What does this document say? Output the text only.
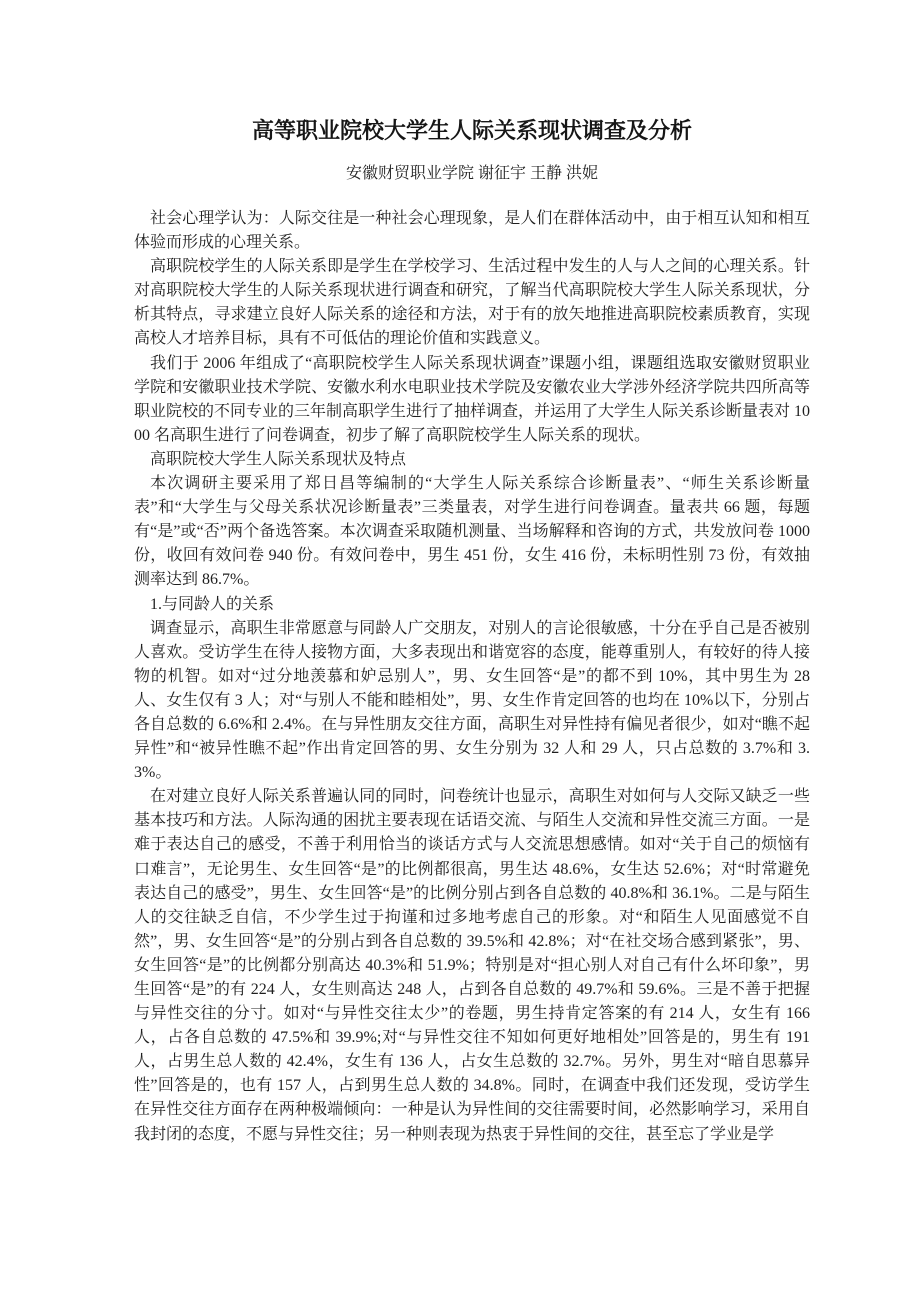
高等职业院校大学生人际关系现状调查及分析
安徽财贸职业学院 谢征宇 王静 洪妮

社会心理学认为：人际交往是一种社会心理现象，是人们在群体活动中，由于相互认知和相互体验而形成的心理关系。

高职院校学生的人际关系即是学生在学校学习、生活过程中发生的人与人之间的心理关系。针对高职院校大学生的人际关系现状进行调查和研究，了解当代高职院校大学生人际关系现状，分析其特点，寻求建立良好人际关系的途径和方法，对于有的放矢地推进高职院校素质教育，实现高校人才培养目标，具有不可低估的理论价值和实践意义。

我们于 2006 年组成了“高职院校学生人际关系现状调查”课题小组，课题组选取安徽财贸职业学院和安徽职业技术学院、安徽水利水电职业技术学院及安徽农业大学涉外经济学院共四所高等职业院校的不同专业的三年制高职学生进行了抽样调查，并运用了大学生人际关系诊断量表对 1000 名高职生进行了问卷调查，初步了解了高职院校学生人际关系的现状。

高职院校大学生人际关系现状及特点

本次调研主要采用了郑日昌等编制的“大学生人际关系综合诊断量表”、“师生关系诊断量表”和“大学生与父母关系状况诊断量表”三类量表，对学生进行问卷调查。量表共 66 题，每题有“是”或“否”两个备选答案。本次调查采取随机测量、当场解释和咨询的方式，共发放问卷 1000 份，收回有效问卷 940 份。有效问卷中，男生 451 份，女生 416 份，未标明性别 73 份，有效抽测率达到 86.7%。

1.与同龄人的关系

调查显示，高职生非常愿意与同龄人广交朋友，对别人的言论很敏感，十分在乎自己是否被别人喜欢。受访学生在待人接物方面，大多表现出和谐宽容的态度，能尊重别人，有较好的待人接物的机智。如对“过分地羡慕和妒忌别人”，男、女生回答“是”的都不到 10%，其中男生为 28 人、女生仅有 3 人；对“与别人不能和睦相处”，男、女生作肯定回答的也均在 10%以下，分别占各自总数的 6.6%和 2.4%。在与异性朋友交往方面，高职生对异性持有偏见者很少，如对“瞧不起异性”和“被异性瞧不起”作出肯定回答的男、女生分别为 32 人和 29 人，只占总数的 3.7%和 3.3%。

在对建立良好人际关系普遍认同的同时，问卷统计也显示，高职生对如何与人交际又缺乏一些基本技巧和方法。人际沟通的困扰主要表现在话语交流、与陌生人交流和异性交流三方面。一是难于表达自己的感受，不善于利用恰当的谈话方式与人交流思想感情。如对“关于自己的烦恼有口难言”，无论男生、女生回答“是”的比例都很高，男生达 48.6%，女生达 52.6%；对“时常避免表达自己的感受”，男生、女生回答“是”的比例分别占到各自总数的 40.8%和 36.1%。二是与陌生人的交往缺乏自信，不少学生过于拘谨和过多地考虑自己的形象。对“和陌生人见面感觉不自然”，男、女生回答“是”的分别占到各自总数的 39.5%和 42.8%；对“在社交场合感到紧张”，男、女生回答“是”的比例都分别高达 40.3%和 51.9%；特别是对“担心别人对自己有什么坏印象”，男生回答“是”的有 224 人，女生则高达 248 人，占到各自总数的 49.7%和 59.6%。三是不善于把握与异性交往的分寸。如对“与异性交往太少”的卷题，男生持肯定答案的有 214 人，女生有 166 人，占各自总数的 47.5%和 39.9%;对“与异性交往不知如何更好地相处”回答是的，男生有 191 人，占男生总人数的 42.4%，女生有 136 人，占女生总数的 32.7%。另外，男生对“暗自思慕异性”回答是的，也有 157 人，占到男生总人数的 34.8%。同时，在调查中我们还发现，受访学生在异性交往方面存在两种极端倾向：一种是认为异性间的交往需要时间，必然影响学习，采用自我封闭的态度，不愿与异性交往；另一种则表现为热衷于异性间的交往，甚至忘了学业是学
